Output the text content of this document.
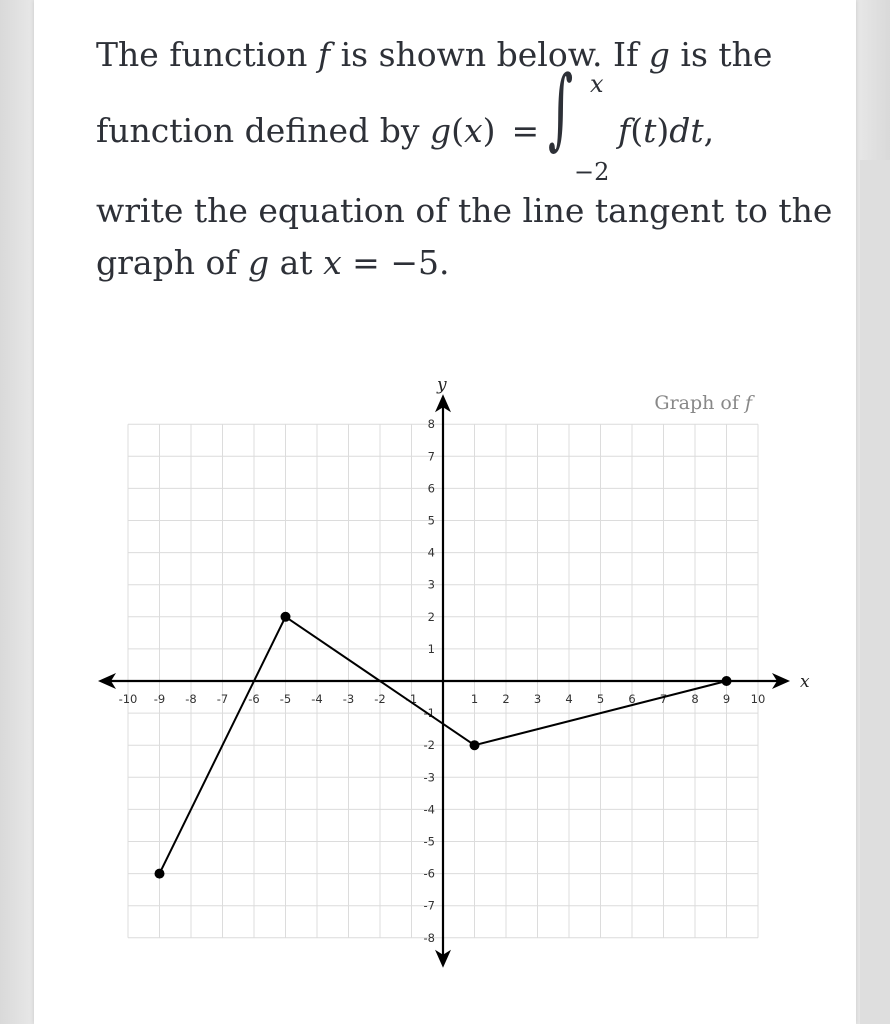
The function f is shown below. If g is the
function defined by g(x) = ∫ x
−2
f(t)dt,
write the equation of the line tangent to the
graph of g at x = −5.
-10 -9 -8 -7 -6 -5 -4 -3 -2 -1	1 2 3 4 5 6 7 8 9 10
-8
-7
-6
-5
-4
-3
-2
-1
1
2
3
4
5
6
7
8
x
y
Graph of f
